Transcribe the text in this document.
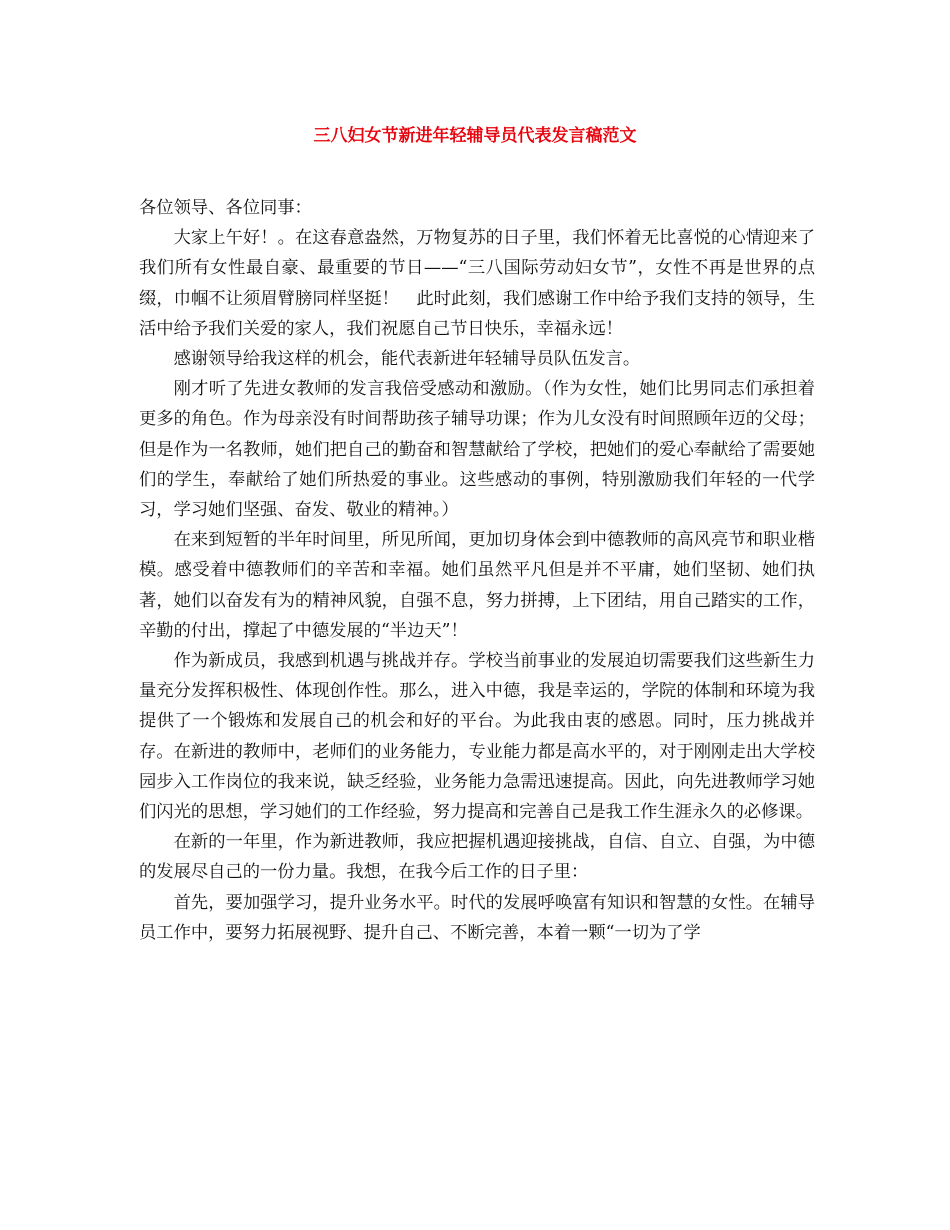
三八妇女节新进年轻辅导员代表发言稿范文

各位领导、各位同事：

大家上午好！。在这春意盎然，万物复苏的日子里，我们怀着无比喜悦的心情迎来了我们所有女性最自豪、最重要的节日——“三八国际劳动妇女节”，女性不再是世界的点缀，巾帼不让须眉臂膀同样坚挺！　此时此刻，我们感谢工作中给予我们支持的领导，生活中给予我们关爱的家人，我们祝愿自己节日快乐，幸福永远！

感谢领导给我这样的机会，能代表新进年轻辅导员队伍发言。

刚才听了先进女教师的发言我倍受感动和激励。（作为女性，她们比男同志们承担着更多的角色。作为母亲没有时间帮助孩子辅导功课；作为儿女没有时间照顾年迈的父母；但是作为一名教师，她们把自己的勤奋和智慧献给了学校，把她们的爱心奉献给了需要她们的学生，奉献给了她们所热爱的事业。这些感动的事例，特别激励我们年轻的一代学习，学习她们坚强、奋发、敬业的精神。）

在来到短暂的半年时间里，所见所闻，更加切身体会到中德教师的高风亮节和职业楷模。感受着中德教师们的辛苦和幸福。她们虽然平凡但是并不平庸，她们坚韧、她们执著，她们以奋发有为的精神风貌，自强不息，努力拼搏，上下团结，用自己踏实的工作，辛勤的付出，撑起了中德发展的“半边天”！

作为新成员，我感到机遇与挑战并存。学校当前事业的发展迫切需要我们这些新生力量充分发挥积极性、体现创作性。那么，进入中德，我是幸运的，学院的体制和环境为我提供了一个锻炼和发展自己的机会和好的平台。为此我由衷的感恩。同时，压力挑战并存。在新进的教师中，老师们的业务能力，专业能力都是高水平的，对于刚刚走出大学校园步入工作岗位的我来说，缺乏经验，业务能力急需迅速提高。因此，向先进教师学习她们闪光的思想，学习她们的工作经验，努力提高和完善自己是我工作生涯永久的必修课。

在新的一年里，作为新进教师，我应把握机遇迎接挑战，自信、自立、自强，为中德的发展尽自己的一份力量。我想，在我今后工作的日子里：

首先，要加强学习，提升业务水平。时代的发展呼唤富有知识和智慧的女性。在辅导员工作中，要努力拓展视野、提升自己、不断完善，本着一颗“一切为了学
